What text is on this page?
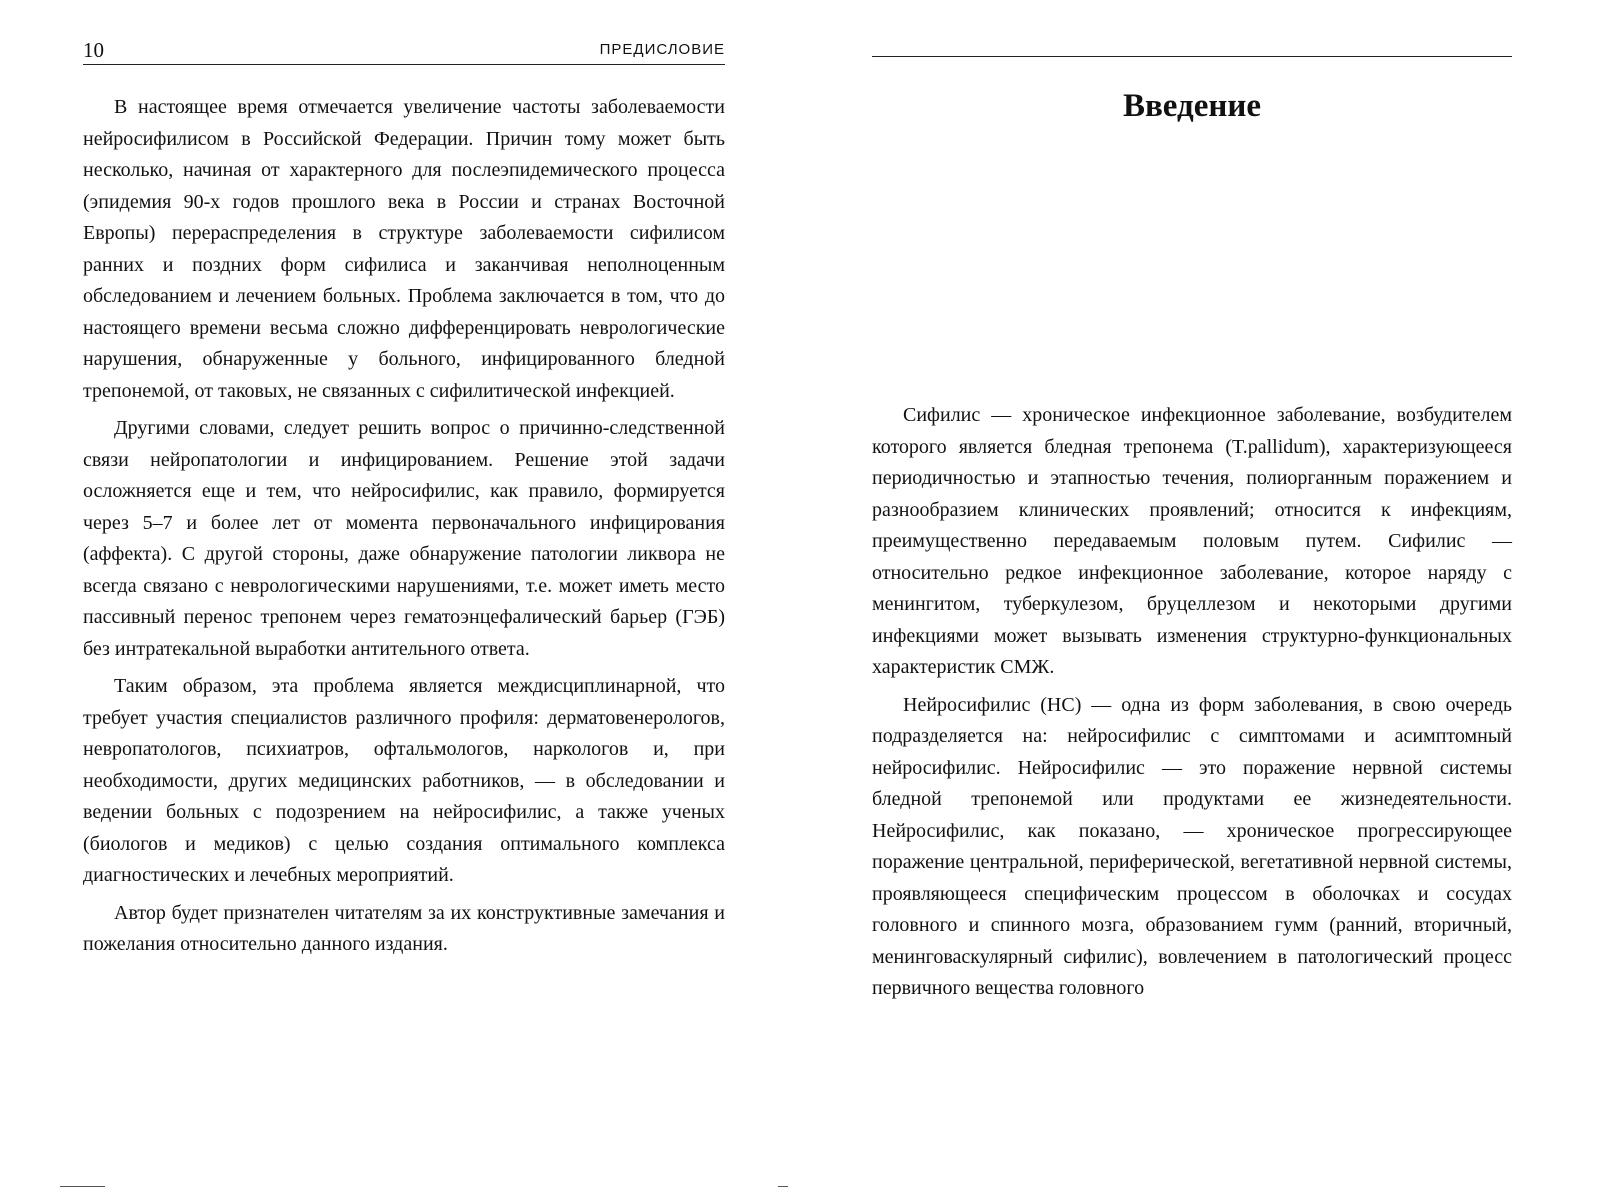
10	ПРЕДИСЛОВИЕ

В настоящее время отмечается увеличение частоты заболеваемости нейросифилисом в Российской Федерации. Причин тому может быть несколько, начиная от характерного для послеэпидемического процесса (эпидемия 90-х годов прошлого века в России и странах Восточной Европы) перераспределения в структуре заболеваемости сифилисом ранних и поздних форм сифилиса и заканчивая неполноценным обследованием и лечением больных. Проблема заключается в том, что до настоящего времени весьма сложно дифференцировать неврологические нарушения, обнаруженные у больного, инфицированного бледной трепонемой, от таковых, не связанных с сифилитической инфекцией.

Другими словами, следует решить вопрос о причинно-следственной связи нейропатологии и инфицированием. Решение этой задачи осложняется еще и тем, что нейросифилис, как правило, формируется через 5–7 и более лет от момента первоначального инфицирования (аффекта). С другой стороны, даже обнаружение патологии ликвора не всегда связано с неврологическими нарушениями, т.е. может иметь место пассивный перенос трепонем через гематоэнцефалический барьер (ГЭБ) без интратекальной выработки антительного ответа.

Таким образом, эта проблема является междисциплинарной, что требует участия специалистов различного профиля: дерматовенерологов, невропатологов, психиатров, офтальмологов, наркологов и, при необходимости, других медицинских работников, — в обследовании и ведении больных с подозрением на нейросифилис, а также ученых (биологов и медиков) с целью создания оптимального комплекса диагностических и лечебных мероприятий.

Автор будет признателен читателям за их конструктивные замечания и пожелания относительно данного издания.

Введение

Сифилис — хроническое инфекционное заболевание, возбудителем которого является бледная трепонема (T.pallidum), характеризующееся периодичностью и этапностью течения, полиорганным поражением и разнообразием клинических проявлений; относится к инфекциям, преимущественно передаваемым половым путем. Сифилис — относительно редкое инфекционное заболевание, которое наряду с менингитом, туберкулезом, бруцеллезом и некоторыми другими инфекциями может вызывать изменения структурно-функциональных характеристик СМЖ.

Нейросифилис (НС) — одна из форм заболевания, в свою очередь подразделяется на: нейросифилис с симптомами и асимптомный нейросифилис. Нейросифилис — это поражение нервной системы бледной трепонемой или продуктами ее жизнедеятельности. Нейросифилис, как показано, — хроническое прогрессирующее поражение центральной, периферической, вегетативной нервной системы, проявляющееся специфическим процессом в оболочках и сосудах головного и спинного мозга, образованием гумм (ранний, вторичный, менинговаскулярный сифилис), вовлечением в патологический процесс первичного вещества головного
